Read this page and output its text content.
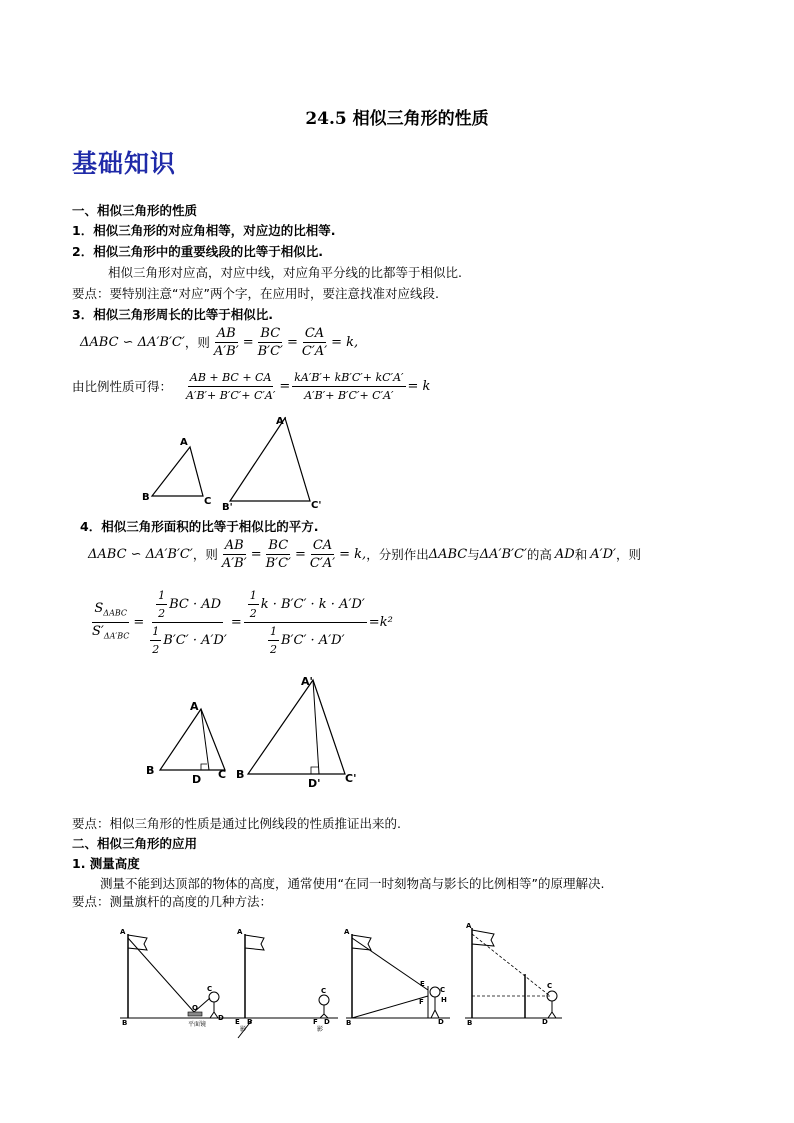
24.5 相似三角形的性质
基础知识
一、相似三角形的性质
1．相似三角形的对应角相等，对应边的比相等.
2．相似三角形中的重要线段的比等于相似比.
相似三角形对应高，对应中线，对应角平分线的比都等于相似比.
要点：要特别注意“对应”两个字，在应用时，要注意找准对应线段.
3．相似三角形周长的比等于相似比.
ΔABC ∽ ΔA′B′C′ ，则 $\frac{AB}{A'B'} = \frac{BC}{B'C'} = \frac{CA}{C'A'} = k$,
由比例性质可得： $\frac{AB + BC + CA}{A'B'+ B'C'+ C'A'} = \frac{kA'B'+ kB'C'+ kC'A'}{A'B'+ B'C'+ C'A'} = k$
A
B	C
A'
B'	C'
4．相似三角形面积的比等于相似比的平方.
ΔABC ∽ ΔA′B′C′ ，则 $\frac{AB}{A'B'} = \frac{BC}{B'C'} = \frac{CA}{C'A'} = k$, ，分别作出 ΔABC 与 ΔA′B′C′ 的高 AD 和 A′D′ ，则
$\frac{S_{\Delta ABC}}{S'_{\Delta A'BC}} = \frac{\frac{1}{2} BC \cdot AD}{\frac{1}{2} B'C' \cdot A'D'} = \frac{\frac{1}{2} k \cdot B'C' \cdot k \cdot A'D'}{\frac{1}{2} B'C' \cdot A'D'} =k^2$
A
B	C
D
A'
B	C'
D'
要点：相似三角形的性质是通过比例线段的性质推证出来的.
二、相似三角形的应用
1. 测量高度
测量不能到达顶部的物体的高度，通常使用“在同一时刻物高与影长的比例相等”的原理解决.
要点：测量旗杆的高度的几种方法：
A
B
C
D
O
平面镜
A
B
C
D
E	F
影	影
A
B
C
D
E
F H
A
B
C
D
